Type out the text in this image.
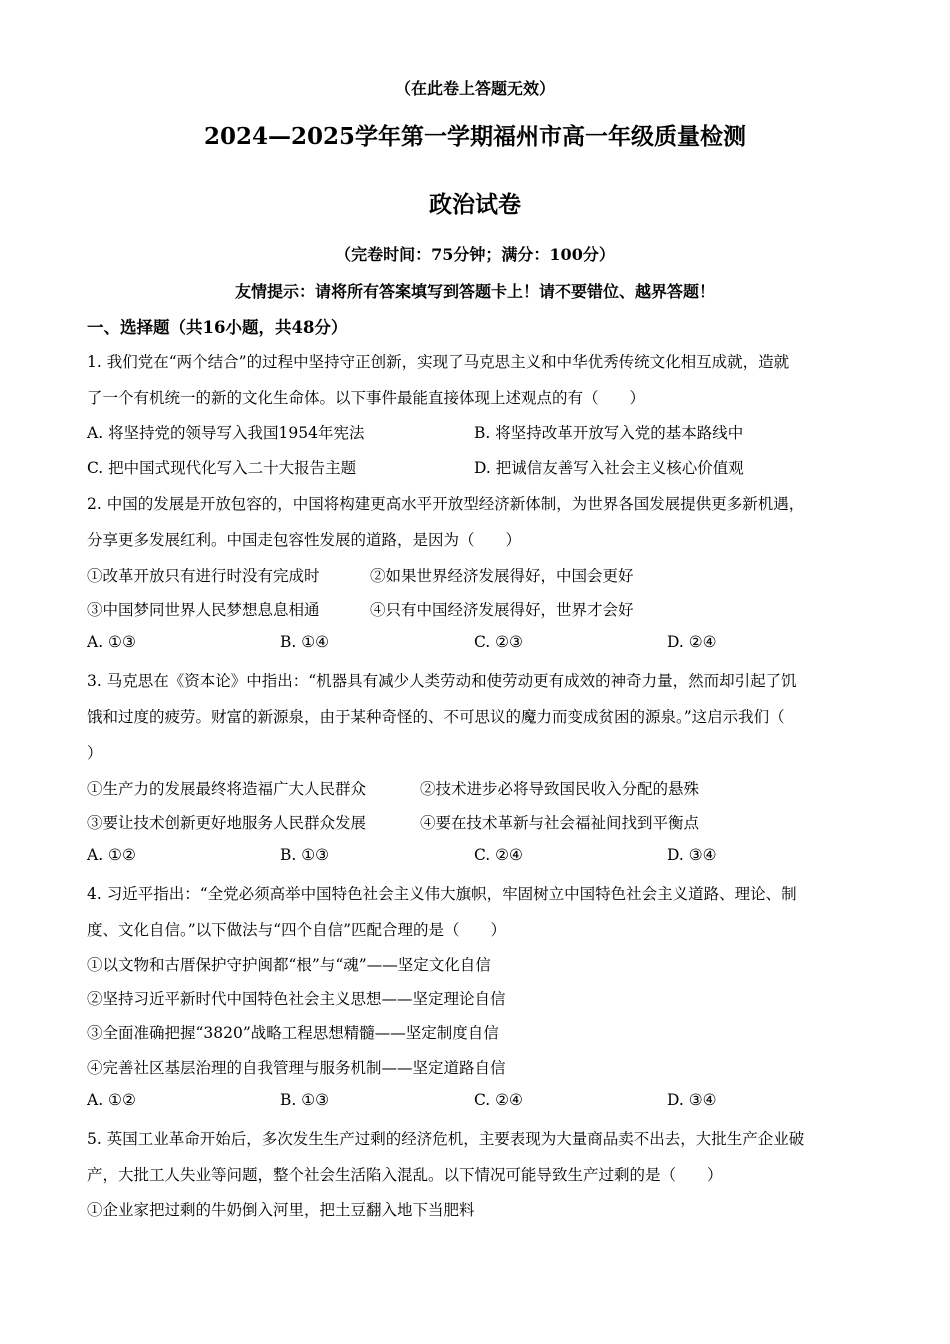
（在此卷上答题无效）
2024—2025学年第一学期福州市高一年级质量检测
政治试卷
（完卷时间：75分钟；满分：100分）
友情提示：请将所有答案填写到答题卡上！请不要错位、越界答题！
一、选择题（共16小题，共48分）
1. 我们党在“两个结合”的过程中坚持守正创新，实现了马克思主义和中华优秀传统文化相互成就，造就
了一个有机统一的新的文化生命体。以下事件最能直接体现上述观点的有（　　）
A. 将坚持党的领导写入我国1954年宪法	B. 将坚持改革开放写入党的基本路线中
C. 把中国式现代化写入二十大报告主题	D. 把诚信友善写入社会主义核心价值观
2. 中国的发展是开放包容的，中国将构建更高水平开放型经济新体制，为世界各国发展提供更多新机遇，
分享更多发展红利。中国走包容性发展的道路，是因为（　　）
①改革开放只有进行时没有完成时	②如果世界经济发展得好，中国会更好
③中国梦同世界人民梦想息息相通	④只有中国经济发展得好，世界才会好
A. ①③	B. ①④	C. ②③	D. ②④
3. 马克思在《资本论》中指出：“机器具有减少人类劳动和使劳动更有成效的神奇力量，然而却引起了饥
饿和过度的疲劳。财富的新源泉，由于某种奇怪的、不可思议的魔力而变成贫困的源泉。”这启示我们（
）
①生产力的发展最终将造福广大人民群众	②技术进步必将导致国民收入分配的悬殊
③要让技术创新更好地服务人民群众发展	④要在技术革新与社会福祉间找到平衡点
A. ①②	B. ①③	C. ②④	D. ③④
4. 习近平指出：“全党必须高举中国特色社会主义伟大旗帜，牢固树立中国特色社会主义道路、理论、制
度、文化自信。”以下做法与“四个自信”匹配合理的是（　　）
①以文物和古厝保护守护闽都“根”与“魂”——坚定文化自信
②坚持习近平新时代中国特色社会主义思想——坚定理论自信
③全面准确把握“3820”战略工程思想精髓——坚定制度自信
④完善社区基层治理的自我管理与服务机制——坚定道路自信
A. ①②	B. ①③	C. ②④	D. ③④
5. 英国工业革命开始后，多次发生生产过剩的经济危机，主要表现为大量商品卖不出去，大批生产企业破
产，大批工人失业等问题，整个社会生活陷入混乱。以下情况可能导致生产过剩的是（　　）
①企业家把过剩的牛奶倒入河里，把土豆翻入地下当肥料
